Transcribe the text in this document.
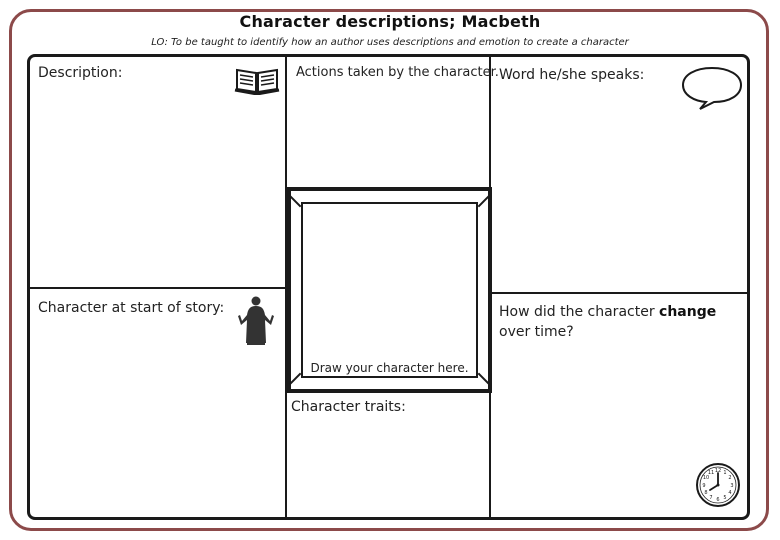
Character descriptions; Macbeth
LO: To be taught to identify how an author uses descriptions and emotion to create a character
Description:	Actions taken by the character. Word he/she speaks:
Character at start of story:	How did the character change
over time?
Character traits:
Draw your character here.
12 1
2
3
4
5
6
7
8
9
10
11
